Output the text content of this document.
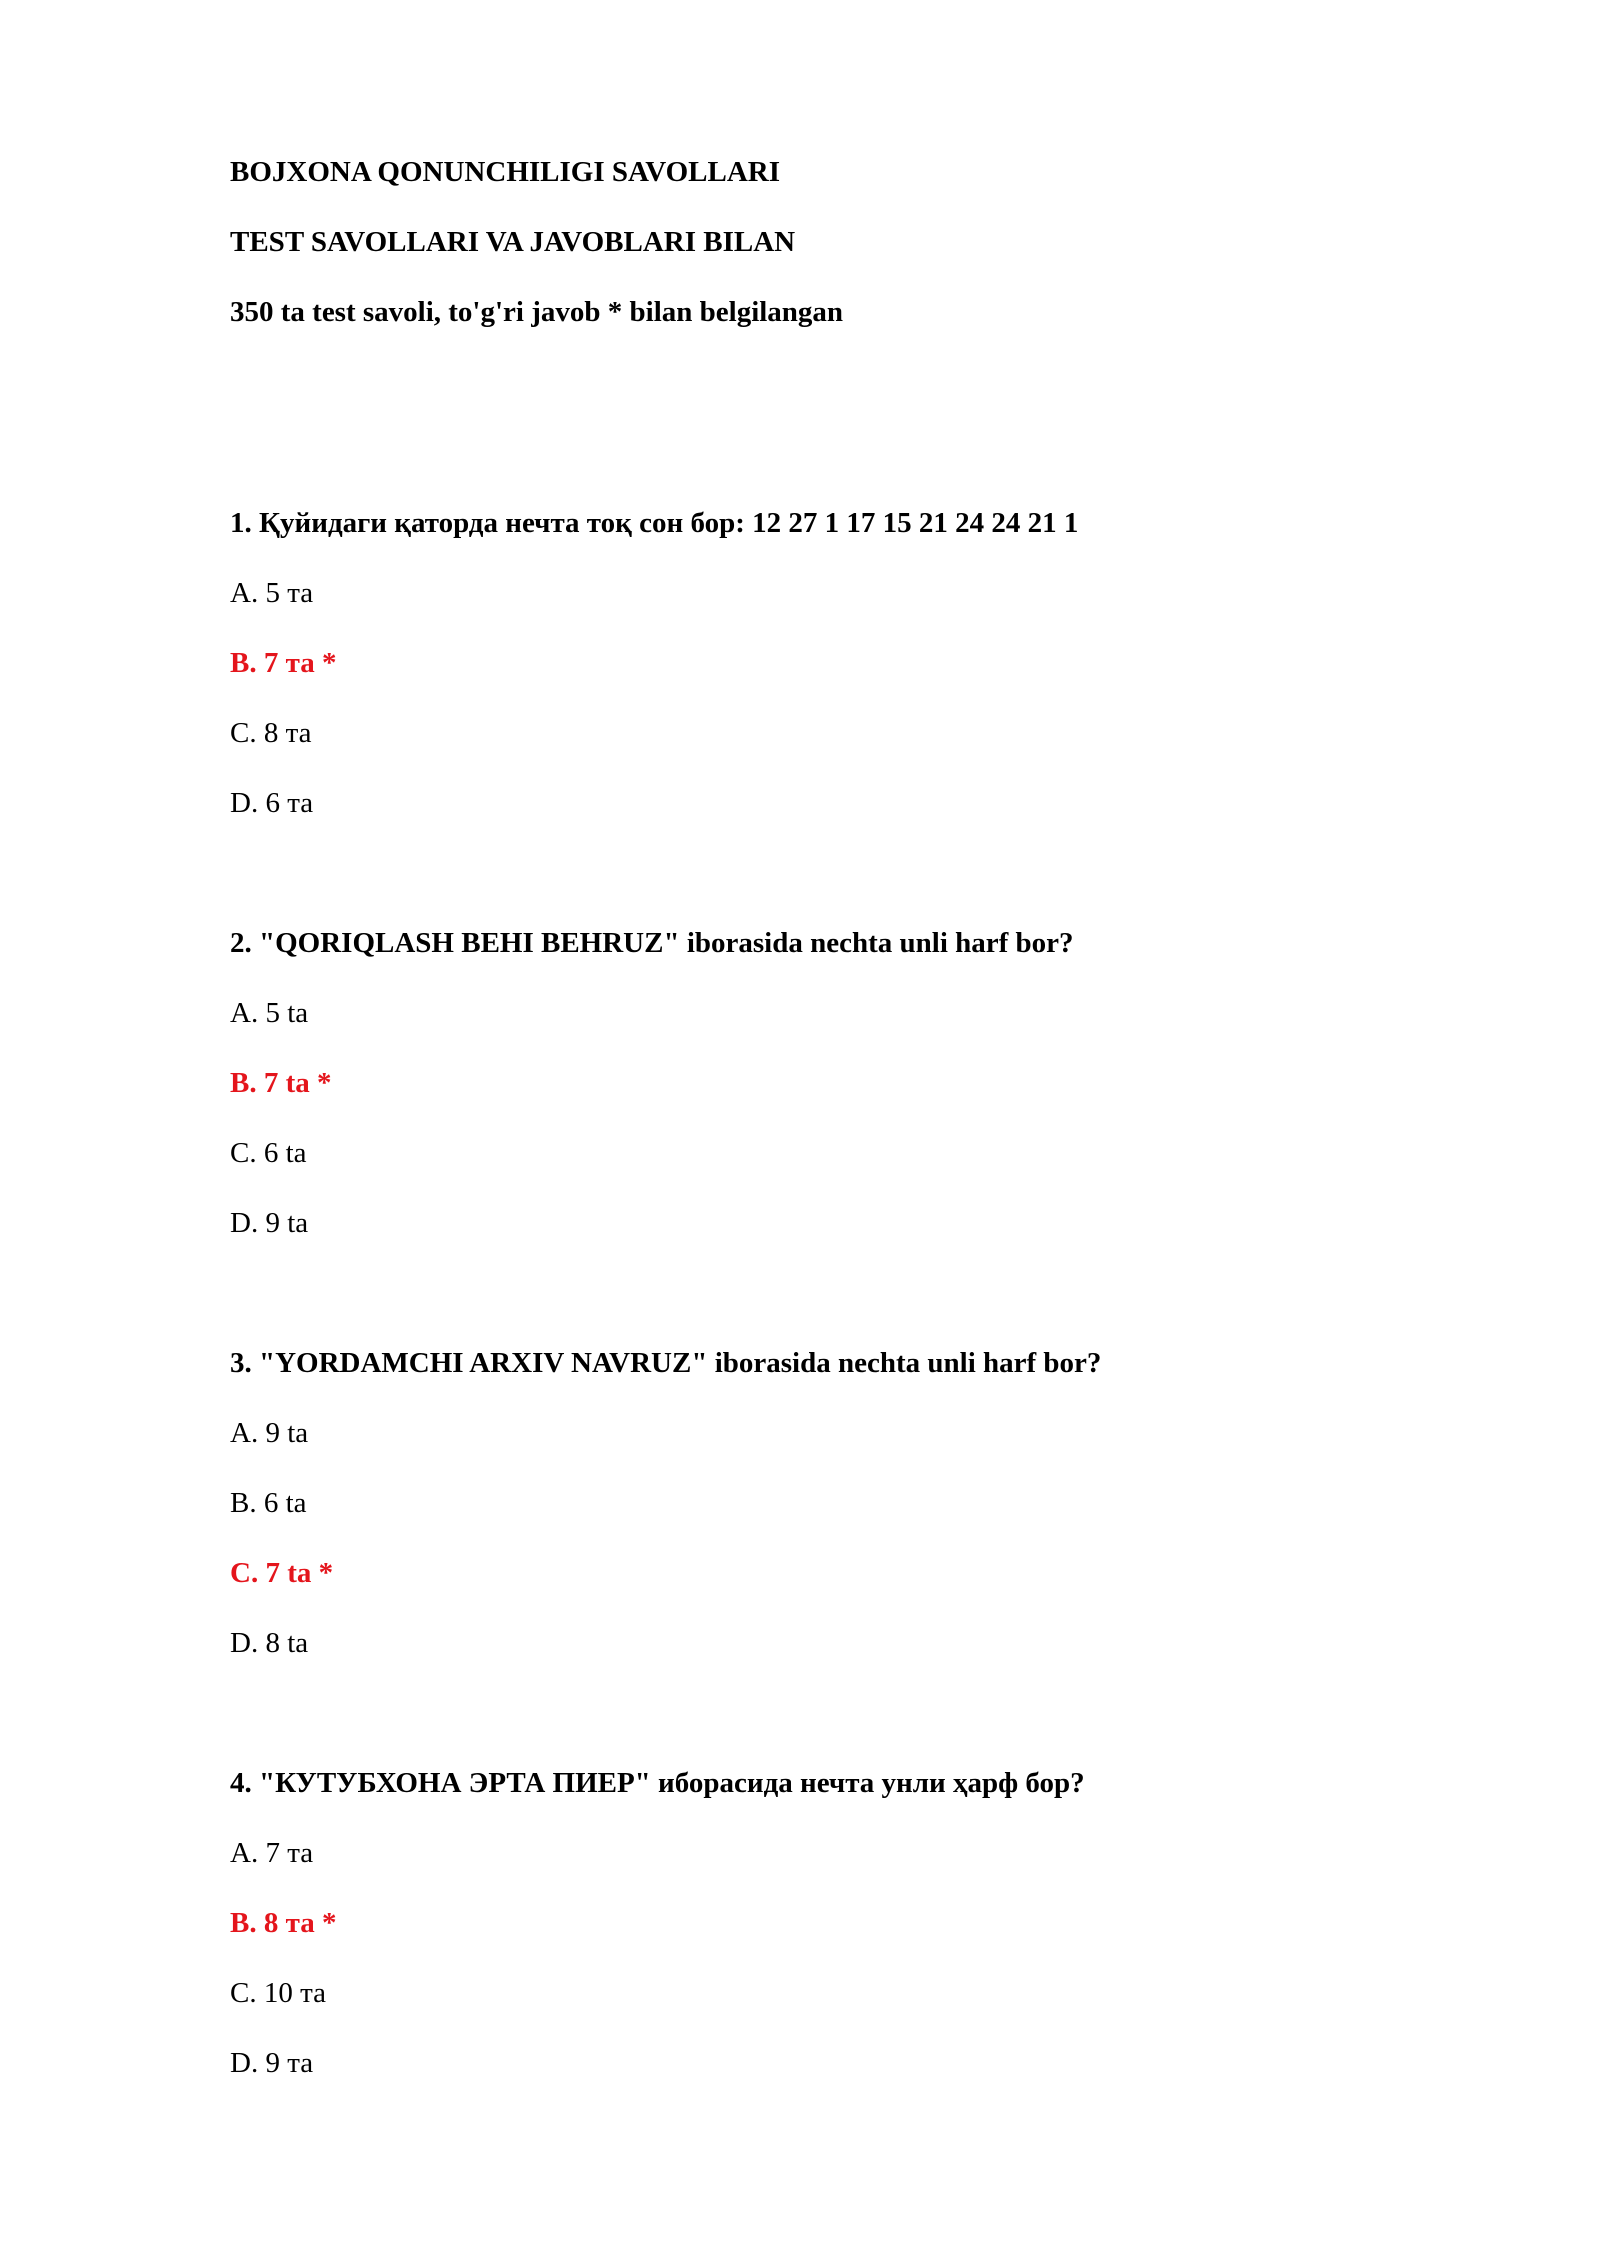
BOJXONA QONUNCHILIGI SAVOLLARI
TEST SAVOLLARI VA JAVOBLARI BILAN
350 ta test savoli, to'g'ri javob * bilan belgilangan
1. Қуйидаги қаторда нечта тоқ сон бор: 12 27 1 17 15 21 24 24 21 1
A. 5 та
B. 7 та *
C. 8 та
D. 6 та
2. "QORIQLASH BEHI BEHRUZ" iborasida nechta unli harf bor?
A. 5 ta
B. 7 ta *
C. 6 ta
D. 9 ta
3. "YORDAMCHI ARXIV NAVRUZ" iborasida nechta unli harf bor?
A. 9 ta
B. 6 ta
C. 7 ta *
D. 8 ta
4. "КУТУБХОНА ЭРТА ПИЕР" иборасида нечта унли ҳарф бор?
A. 7 та
B. 8 та *
C. 10 та
D. 9 та
